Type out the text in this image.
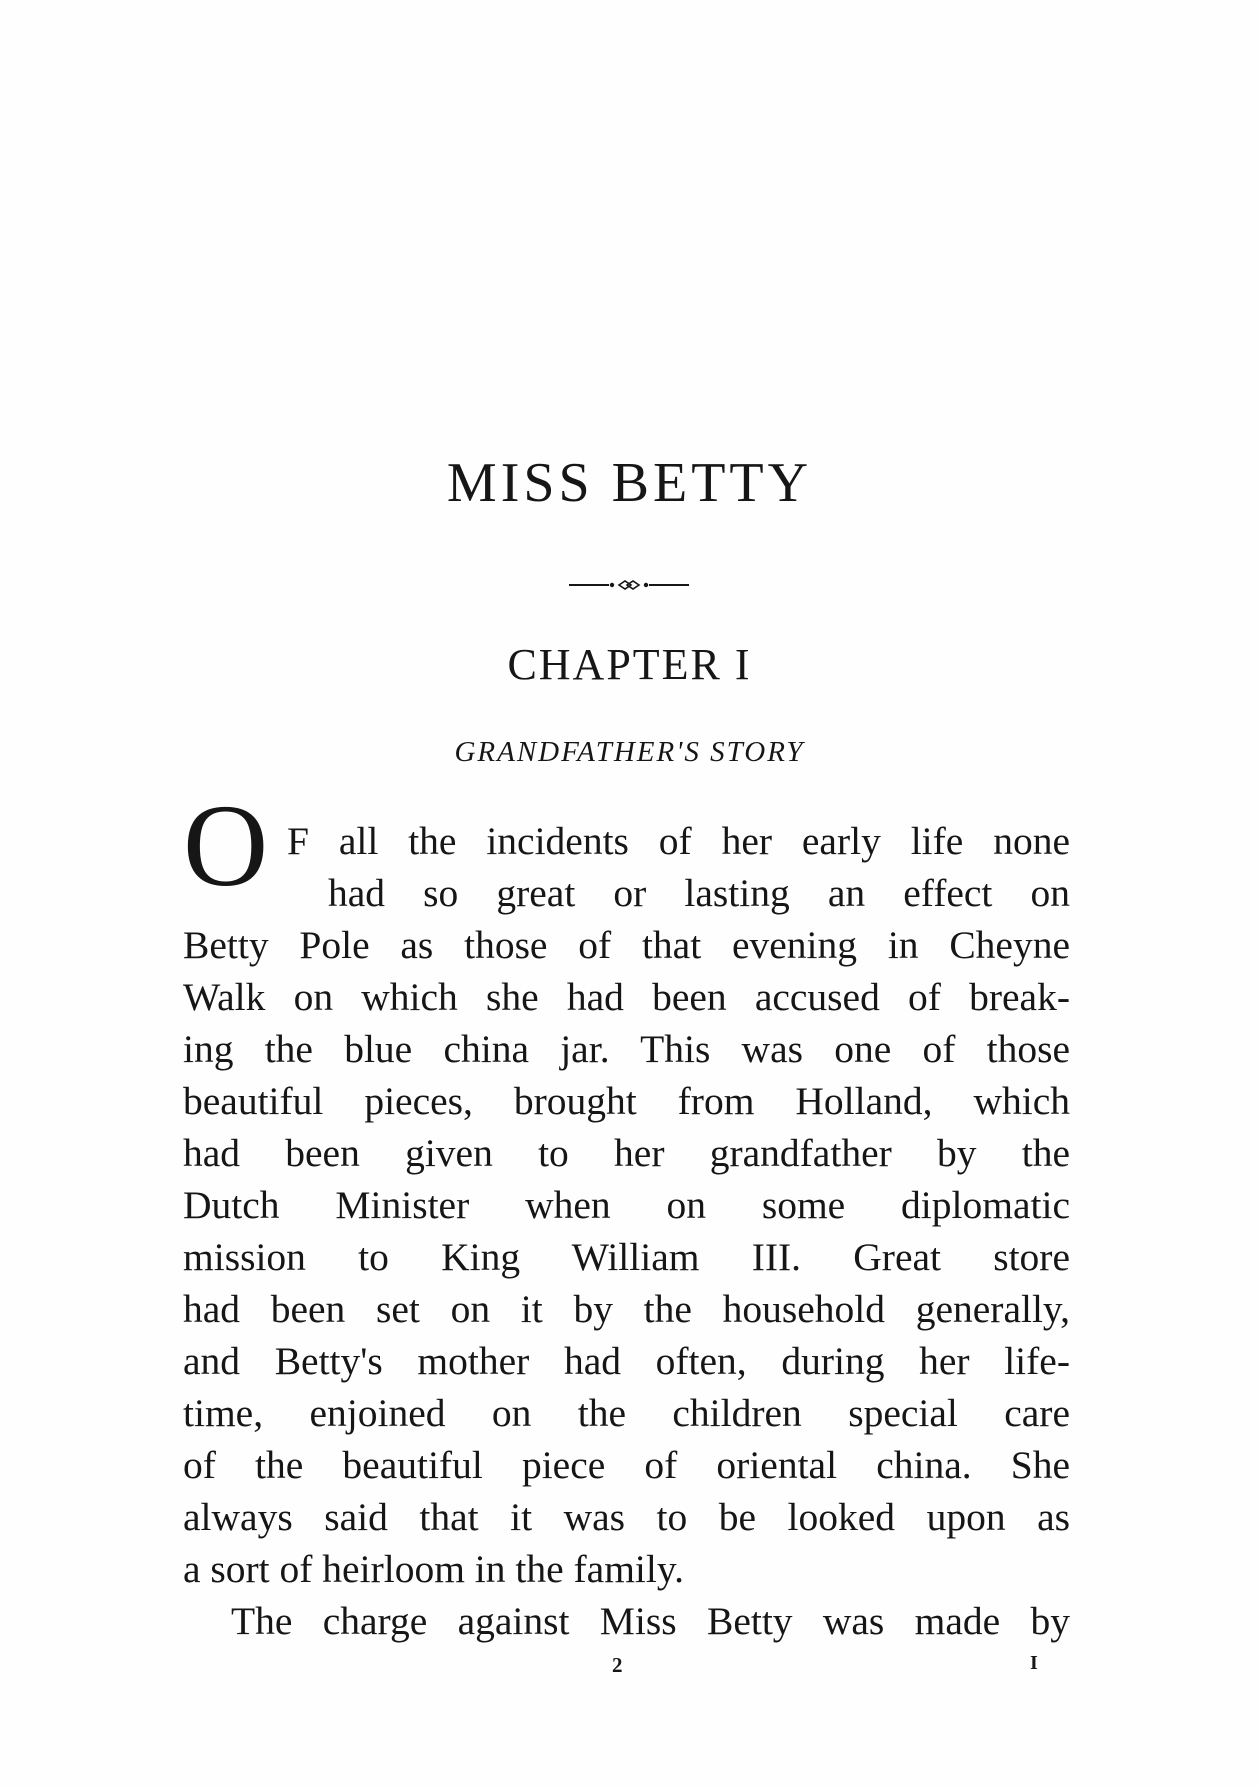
MISS BETTY
CHAPTER I
GRANDFATHER'S STORY
O F all the incidents of her early life none
had so great or lasting an effect on
Betty Pole as those of that evening in Cheyne
Walk on which she had been accused of break-
ing the blue china jar. This was one of those
beautiful pieces, brought from Holland, which
had been given to her grandfather by the
Dutch Minister when on some diplomatic
mission to King William III. Great store
had been set on it by the household generally,
and Betty's mother had often, during her life-
time, enjoined on the children special care
of the beautiful piece of oriental china. She
always said that it was to be looked upon as
a sort of heirloom in the family.
The charge against Miss Betty was made by
2	I
